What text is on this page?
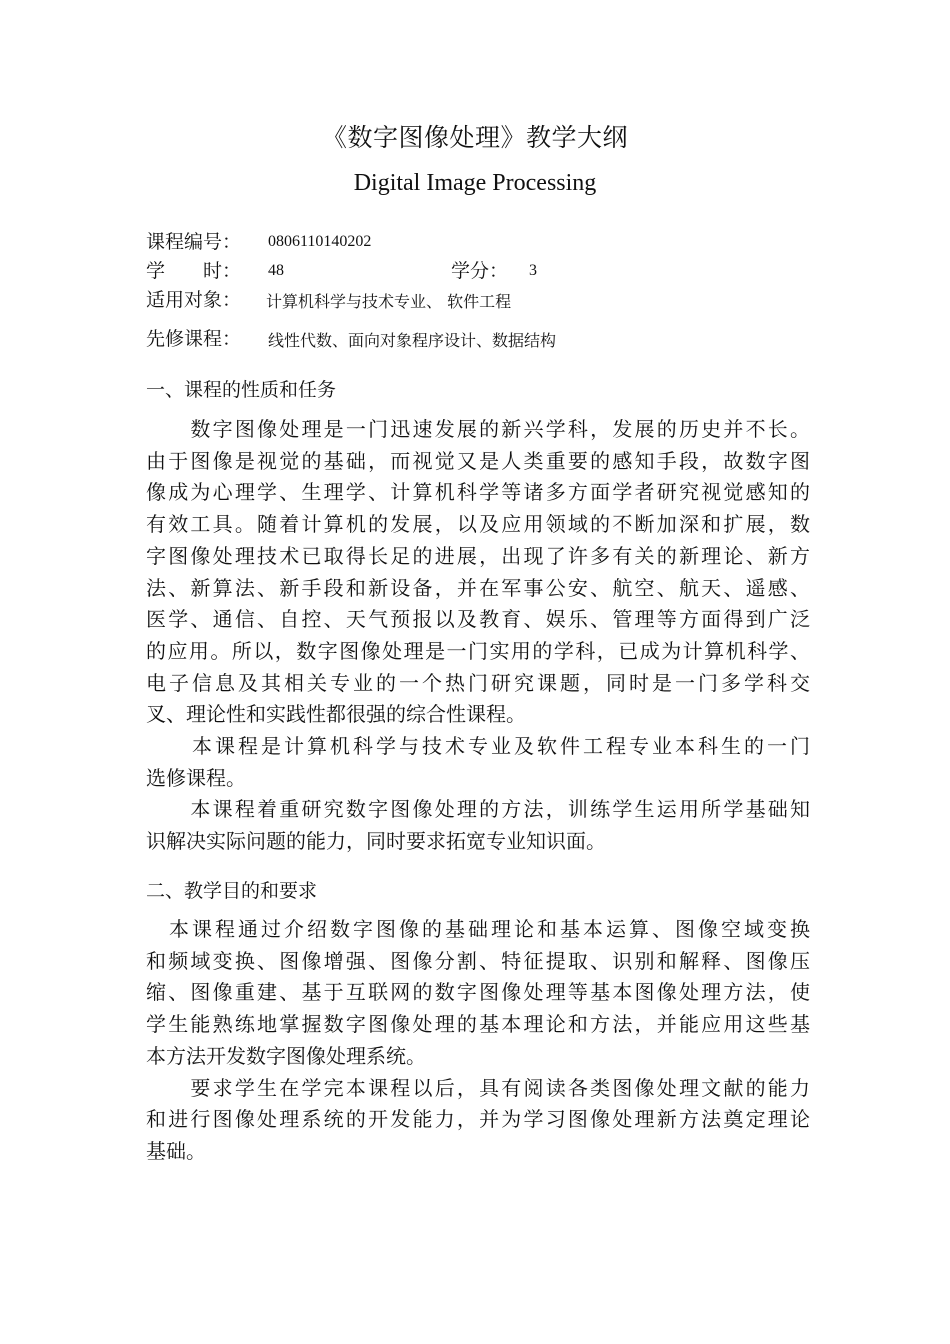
《数字图像处理》教学大纲
Digital Image Processing
课程编号： 0806110140202
学　　时： 48	学分： 3
适用对象： 计算机科学与技术专业、 软件工程
先修课程： 线性代数、面向对象程序设计、数据结构
一、课程的性质和任务
　　数字图像处理是一门迅速发展的新兴学科，发展的历史并不长。
由于图像是视觉的基础，而视觉又是人类重要的感知手段，故数字图
像成为心理学、生理学、计算机科学等诸多方面学者研究视觉感知的
有效工具。随着计算机的发展，以及应用领域的不断加深和扩展，数
字图像处理技术已取得长足的进展，出现了许多有关的新理论、新方
法、新算法、新手段和新设备，并在军事公安、航空、航天、遥感、
医学、通信、自控、天气预报以及教育、娱乐、管理等方面得到广泛
的应用。所以，数字图像处理是一门实用的学科，已成为计算机科学、
电子信息及其相关专业的一个热门研究课题，同时是一门多学科交
叉、理论性和实践性都很强的综合性课程。
　　本课程是计算机科学与技术专业及软件工程专业本科生的一门
选修课程。
　　本课程着重研究数字图像处理的方法，训练学生运用所学基础知
识解决实际问题的能力，同时要求拓宽专业知识面。
二、教学目的和要求
　本课程通过介绍数字图像的基础理论和基本运算、图像空域变换
和频域变换、图像增强、图像分割、特征提取、识别和解释、图像压
缩、图像重建、基于互联网的数字图像处理等基本图像处理方法，使
学生能熟练地掌握数字图像处理的基本理论和方法，并能应用这些基
本方法开发数字图像处理系统。
　　要求学生在学完本课程以后，具有阅读各类图像处理文献的能力
和进行图像处理系统的开发能力，并为学习图像处理新方法奠定理论
基础。
